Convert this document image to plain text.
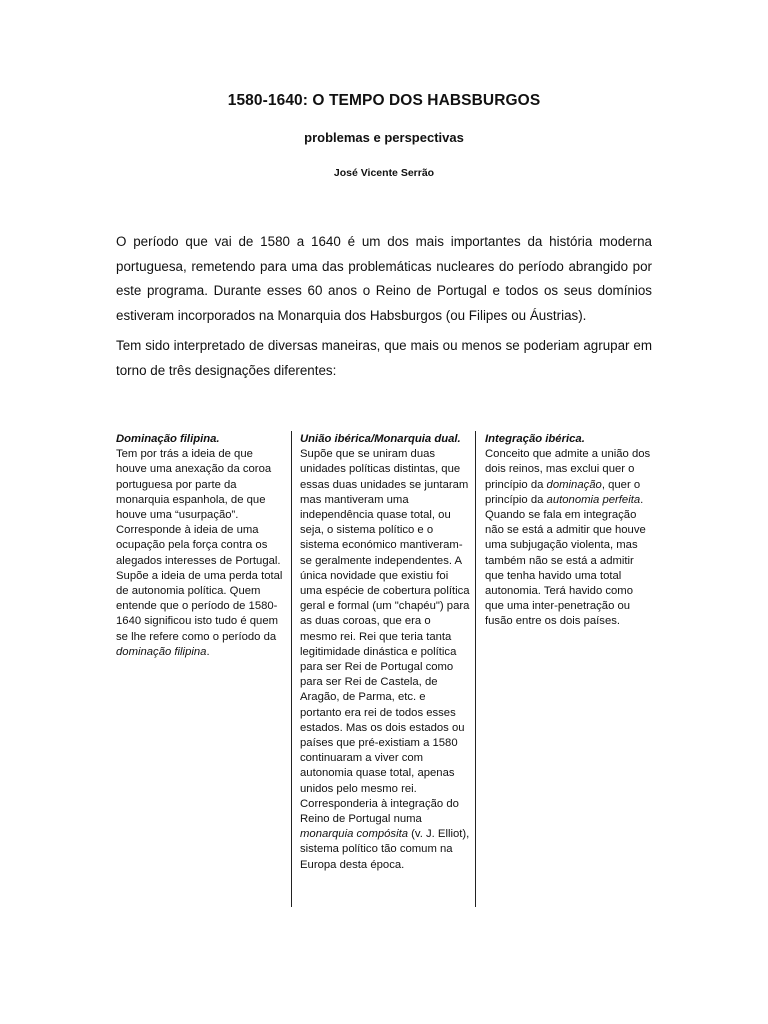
1580-1640: O TEMPO DOS HABSBURGOS
problemas e perspectivas
José Vicente Serrão

O período que vai de 1580 a 1640 é um dos mais importantes da história moderna portuguesa, remetendo para uma das problemáticas nucleares do período abrangido por este programa. Durante esses 60 anos o Reino de Portugal e todos os seus domínios estiveram incorporados na Monarquia dos Habsburgos (ou Filipes ou Áustrias).

Tem sido interpretado de diversas maneiras, que mais ou menos se poderiam agrupar em torno de três designações diferentes:

Dominação filipina.
Tem por trás a ideia de que houve uma anexação da coroa portuguesa por parte da monarquia espanhola, de que houve uma “usurpação”. Corresponde à ideia de uma ocupação pela força contra os alegados interesses de Portugal. Supõe a ideia de uma perda total de autonomia política. Quem entende que o período de 1580-1640 significou isto tudo é quem se lhe refere como o período da dominação filipina.
União ibérica/Monarquia dual.
Supõe que se uniram duas unidades políticas distintas, que essas duas unidades se juntaram mas mantiveram uma independência quase total, ou seja, o sistema político e o sistema económico mantiveram-se geralmente independentes. A única novidade que existiu foi uma espécie de cobertura política geral e formal (um "chapéu") para as duas coroas, que era o mesmo rei. Rei que teria tanta legitimidade dinástica e política para ser Rei de Portugal como para ser Rei de Castela, de Aragão, de Parma, etc. e portanto era rei de todos esses estados. Mas os dois estados ou países que pré-existiam a 1580 continuaram a viver com autonomia quase total, apenas unidos pelo mesmo rei. Corresponderia à integração do Reino de Portugal numa monarquia compósita (v. J. Elliot), sistema político tão comum na Europa desta época.
Integração ibérica.
Conceito que admite a união dos dois reinos, mas exclui quer o princípio da dominação, quer o princípio da autonomia perfeita. Quando se fala em integração não se está a admitir que houve uma subjugação violenta, mas também não se está a admitir que tenha havido uma total autonomia. Terá havido como que uma inter-penetração ou fusão entre os dois países.
